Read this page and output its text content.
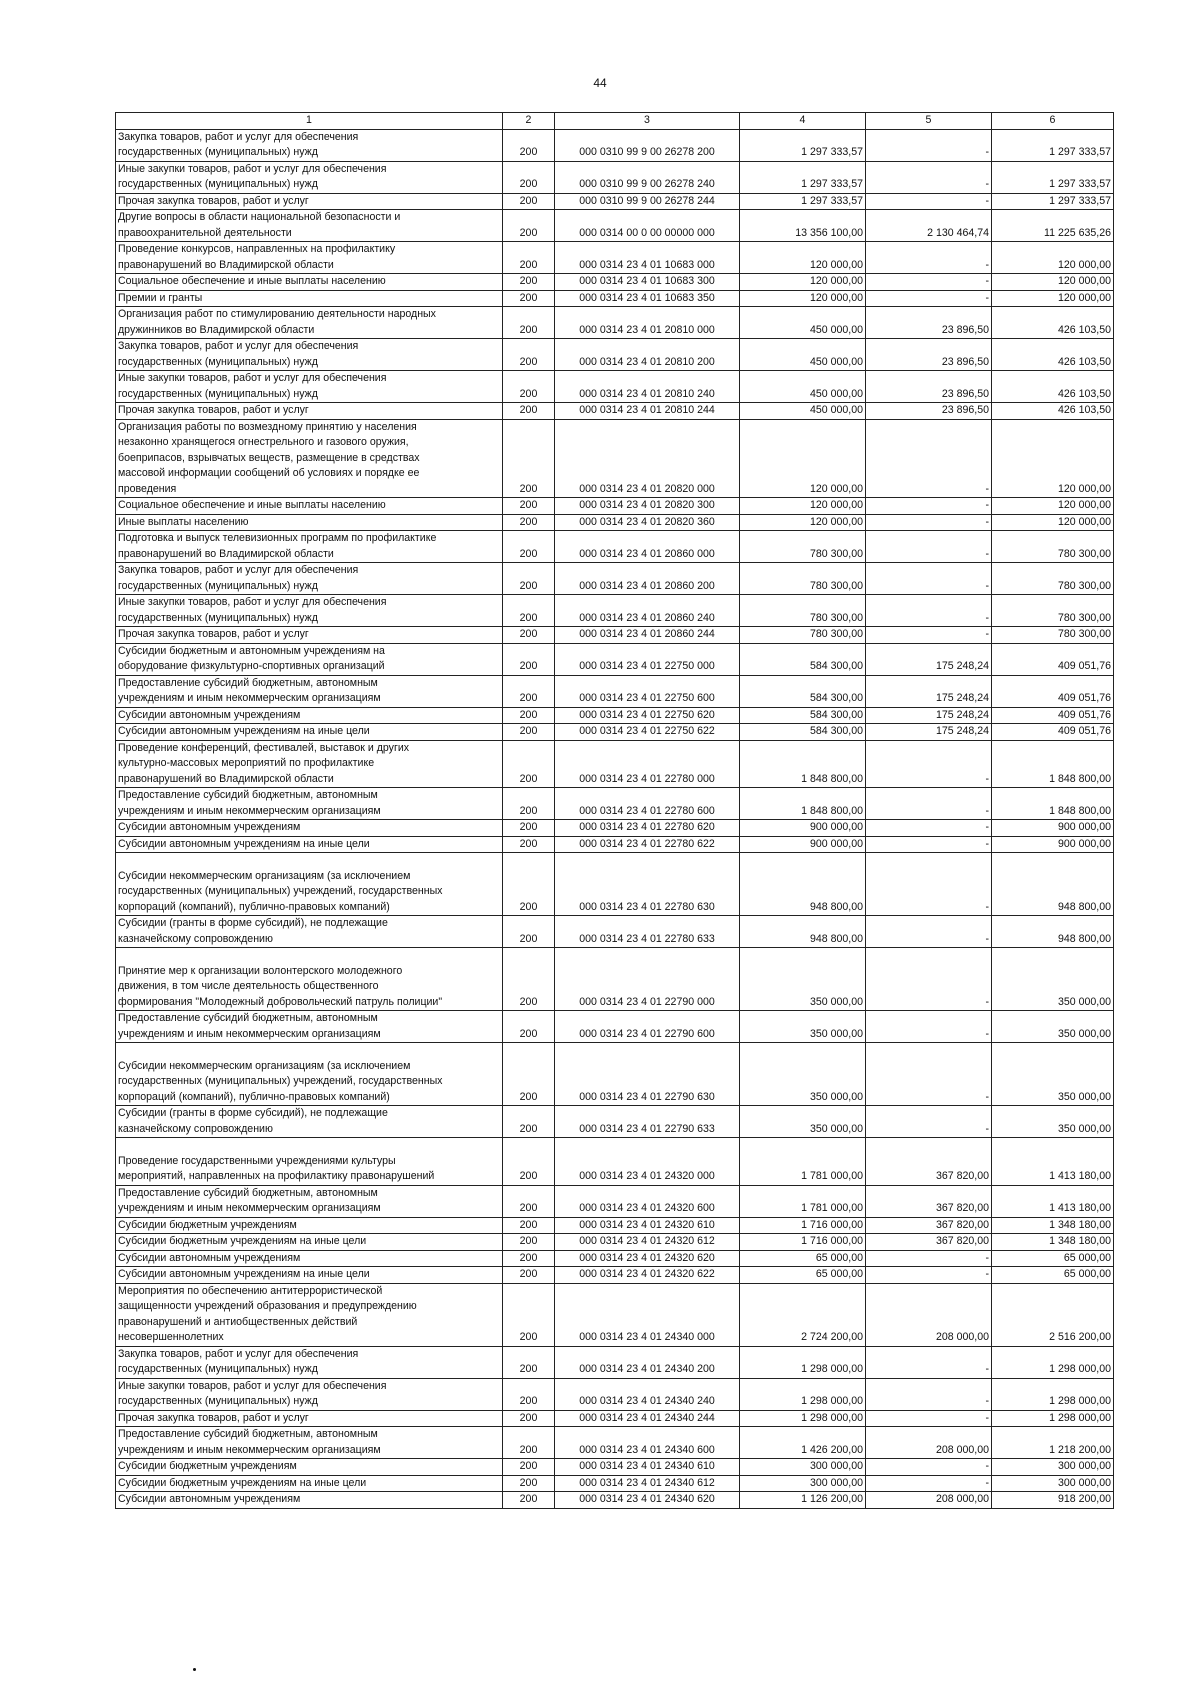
44
1	2	3	4	5	6

Закупка товаров, работ и услуг для обеспечения
государственных (муниципальных) нужд	200	000 0310 99 9 00 26278 200	1 297 333,57	-	1 297 333,57

Иные закупки товаров, работ и услуг для обеспечения
государственных (муниципальных) нужд	200	000 0310 99 9 00 26278 240	1 297 333,57	-	1 297 333,57

Прочая закупка товаров, работ и услуг	200	000 0310 99 9 00 26278 244	1 297 333,57	-	1 297 333,57

Другие вопросы в области национальной безопасности и
правоохранительной деятельности	200	000 0314 00 0 00 00000 000	13 356 100,00	2 130 464,74	11 225 635,26

Проведение конкурсов, направленных на профилактику
правонарушений во Владимирской области	200	000 0314 23 4 01 10683 000	120 000,00	-	120 000,00

Социальное обеспечение и иные выплаты населению	200	000 0314 23 4 01 10683 300	120 000,00	-	120 000,00

Премии и гранты	200	000 0314 23 4 01 10683 350	120 000,00	-	120 000,00

Организация работ по стимулированию деятельности народных
дружинников во Владимирской области	200	000 0314 23 4 01 20810 000	450 000,00	23 896,50	426 103,50

Закупка товаров, работ и услуг для обеспечения
государственных (муниципальных) нужд	200	000 0314 23 4 01 20810 200	450 000,00	23 896,50	426 103,50

Иные закупки товаров, работ и услуг для обеспечения
государственных (муниципальных) нужд	200	000 0314 23 4 01 20810 240	450 000,00	23 896,50	426 103,50

Прочая закупка товаров, работ и услуг	200	000 0314 23 4 01 20810 244	450 000,00	23 896,50	426 103,50

Организация работы по возмездному принятию у населения
незаконно хранящегося огнестрельного и газового оружия,
боеприпасов, взрывчатых веществ, размещение в средствах
массовой информации сообщений об условиях и порядке ее
проведения	200	000 0314 23 4 01 20820 000	120 000,00	-	120 000,00

Социальное обеспечение и иные выплаты населению	200	000 0314 23 4 01 20820 300	120 000,00	-	120 000,00

Иные выплаты населению	200	000 0314 23 4 01 20820 360	120 000,00	-	120 000,00

Подготовка и выпуск телевизионных программ по профилактике
правонарушений во Владимирской области	200	000 0314 23 4 01 20860 000	780 300,00	-	780 300,00

Закупка товаров, работ и услуг для обеспечения
государственных (муниципальных) нужд	200	000 0314 23 4 01 20860 200	780 300,00	-	780 300,00

Иные закупки товаров, работ и услуг для обеспечения
государственных (муниципальных) нужд	200	000 0314 23 4 01 20860 240	780 300,00	-	780 300,00

Прочая закупка товаров, работ и услуг	200	000 0314 23 4 01 20860 244	780 300,00	-	780 300,00

Субсидии бюджетным и автономным учреждениям на
оборудование физкультурно-спортивных организаций	200	000 0314 23 4 01 22750 000	584 300,00	175 248,24	409 051,76

Предоставление субсидий бюджетным, автономным
учреждениям и иным некоммерческим организациям	200	000 0314 23 4 01 22750 600	584 300,00	175 248,24	409 051,76

Субсидии автономным учреждениям	200	000 0314 23 4 01 22750 620	584 300,00	175 248,24	409 051,76

Субсидии автономным учреждениям на иные цели	200	000 0314 23 4 01 22750 622	584 300,00	175 248,24	409 051,76

Проведение конференций, фестивалей, выставок и других
культурно-массовых мероприятий по профилактике
правонарушений во Владимирской области	200	000 0314 23 4 01 22780 000	1 848 800,00	-	1 848 800,00

Предоставление субсидий бюджетным, автономным
учреждениям и иным некоммерческим организациям	200	000 0314 23 4 01 22780 600	1 848 800,00	-	1 848 800,00

Субсидии автономным учреждениям	200	000 0314 23 4 01 22780 620	900 000,00	-	900 000,00

Субсидии автономным учреждениям на иные цели	200	000 0314 23 4 01 22780 622	900 000,00	-	900 000,00

Субсидии некоммерческим организациям (за исключением
государственных (муниципальных) учреждений, государственных
корпораций (компаний), публично-правовых компаний)	200	000 0314 23 4 01 22780 630	948 800,00	-	948 800,00

Субсидии (гранты в форме субсидий), не подлежащие
казначейскому сопровождению	200	000 0314 23 4 01 22780 633	948 800,00	-	948 800,00

Принятие мер к организации волонтерского молодежного
движения, в том числе деятельность общественного
формирования "Молодежный добровольческий патруль полиции"	200	000 0314 23 4 01 22790 000	350 000,00	-	350 000,00

Предоставление субсидий бюджетным, автономным
учреждениям и иным некоммерческим организациям	200	000 0314 23 4 01 22790 600	350 000,00	-	350 000,00

Субсидии некоммерческим организациям (за исключением
государственных (муниципальных) учреждений, государственных
корпораций (компаний), публично-правовых компаний)	200	000 0314 23 4 01 22790 630	350 000,00	-	350 000,00

Субсидии (гранты в форме субсидий), не подлежащие
казначейскому сопровождению	200	000 0314 23 4 01 22790 633	350 000,00	-	350 000,00

Проведение государственными учреждениями культуры
мероприятий, направленных на профилактику правонарушений	200	000 0314 23 4 01 24320 000	1 781 000,00	367 820,00	1 413 180,00

Предоставление субсидий бюджетным, автономным
учреждениям и иным некоммерческим организациям	200	000 0314 23 4 01 24320 600	1 781 000,00	367 820,00	1 413 180,00

Субсидии бюджетным учреждениям	200	000 0314 23 4 01 24320 610	1 716 000,00	367 820,00	1 348 180,00

Субсидии бюджетным учреждениям на иные цели	200	000 0314 23 4 01 24320 612	1 716 000,00	367 820,00	1 348 180,00

Субсидии автономным учреждениям	200	000 0314 23 4 01 24320 620	65 000,00	-	65 000,00

Субсидии автономным учреждениям на иные цели	200	000 0314 23 4 01 24320 622	65 000,00	-	65 000,00

Мероприятия по обеспечению антитеррористической
защищенности учреждений образования и предупреждению
правонарушений и антиобщественных действий
несовершеннолетних	200	000 0314 23 4 01 24340 000	2 724 200,00	208 000,00	2 516 200,00

Закупка товаров, работ и услуг для обеспечения
государственных (муниципальных) нужд	200	000 0314 23 4 01 24340 200	1 298 000,00	-	1 298 000,00

Иные закупки товаров, работ и услуг для обеспечения
государственных (муниципальных) нужд	200	000 0314 23 4 01 24340 240	1 298 000,00	-	1 298 000,00

Прочая закупка товаров, работ и услуг	200	000 0314 23 4 01 24340 244	1 298 000,00	-	1 298 000,00

Предоставление субсидий бюджетным, автономным
учреждениям и иным некоммерческим организациям	200	000 0314 23 4 01 24340 600	1 426 200,00	208 000,00	1 218 200,00

Субсидии бюджетным учреждениям	200	000 0314 23 4 01 24340 610	300 000,00	-	300 000,00

Субсидии бюджетным учреждениям на иные цели	200	000 0314 23 4 01 24340 612	300 000,00	-	300 000,00

Субсидии автономным учреждениям	200	000 0314 23 4 01 24340 620	1 126 200,00	208 000,00	918 200,00
